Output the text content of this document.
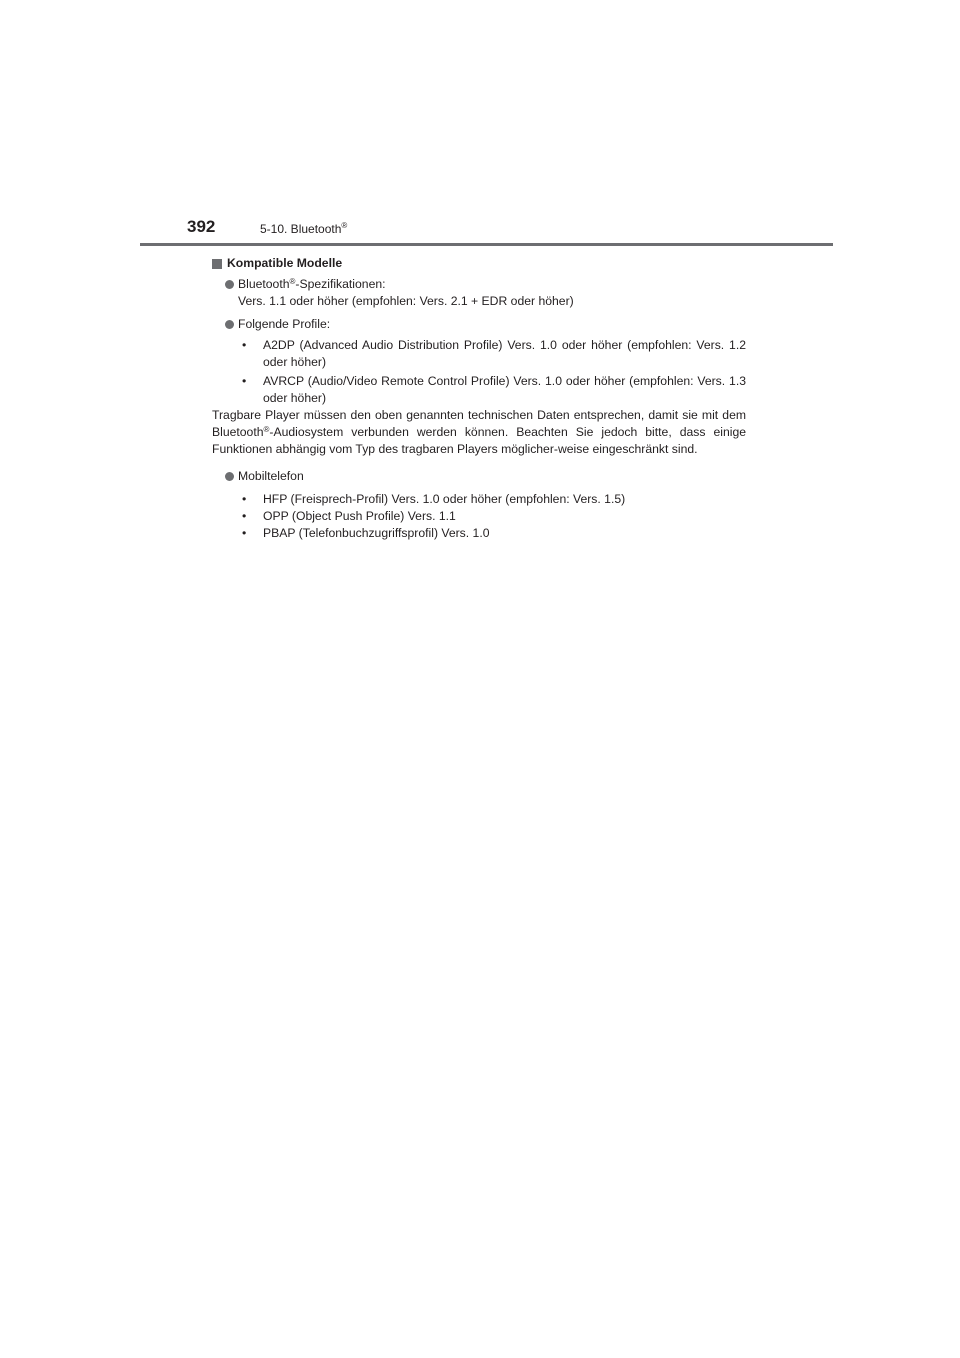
392	5-10. Bluetooth®
Kompatible Modelle
Bluetooth®-Spezifikationen:
Vers. 1.1 oder höher (empfohlen: Vers. 2.1 + EDR oder höher)
Folgende Profile:
• A2DP (Advanced Audio Distribution Profile) Vers. 1.0 oder höher (empfohlen: Vers. 1.2 oder höher)
• AVRCP (Audio/Video Remote Control Profile) Vers. 1.0 oder höher (empfohlen: Vers. 1.3 oder höher)

Tragbare Player müssen den oben genannten technischen Daten entsprechen, damit sie mit dem Bluetooth®-Audiosystem verbunden werden können. Beachten Sie jedoch bitte, dass einige Funktionen abhängig vom Typ des tragbaren Players möglicher-weise eingeschränkt sind.

Mobiltelefon
• HFP (Freisprech-Profil) Vers. 1.0 oder höher (empfohlen: Vers. 1.5)
• OPP (Object Push Profile) Vers. 1.1
• PBAP (Telefonbuchzugriffsprofil) Vers. 1.0
